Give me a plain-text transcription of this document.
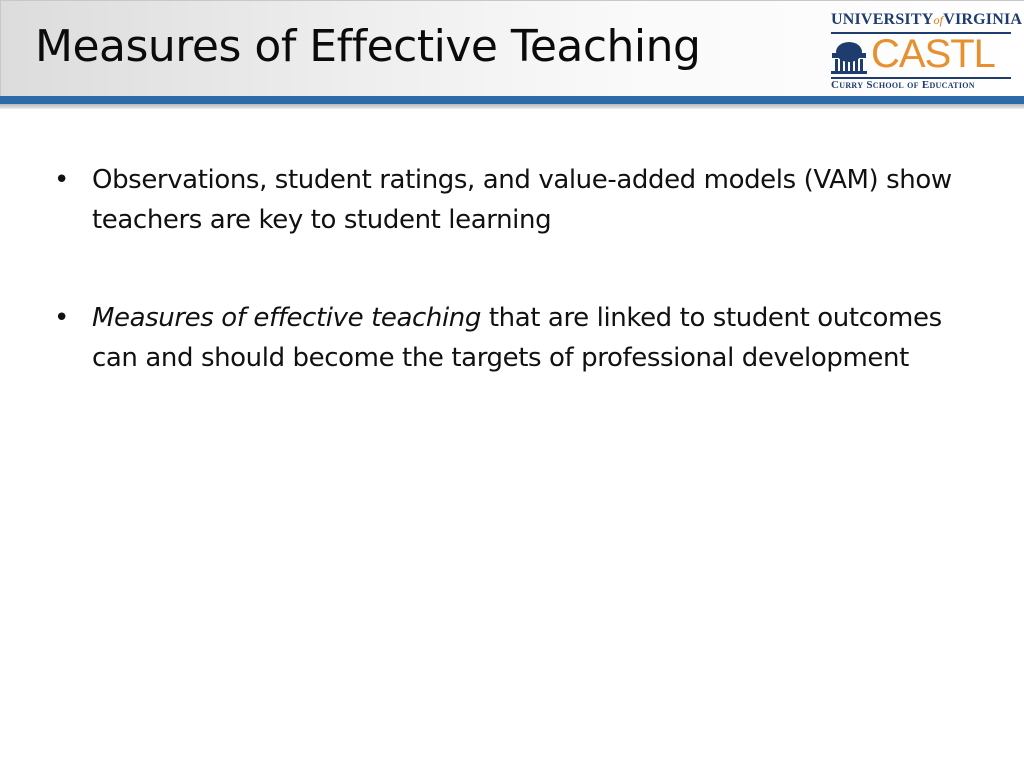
Measures of Effective Teaching
UNIVERSITYofVIRGINIA
CASTL
Curry School of Education
• Observations, student ratings, and value-added models (VAM) show teachers are key to student learning
• Measures of effective teaching that are linked to student outcomes can and should become the targets of professional development
